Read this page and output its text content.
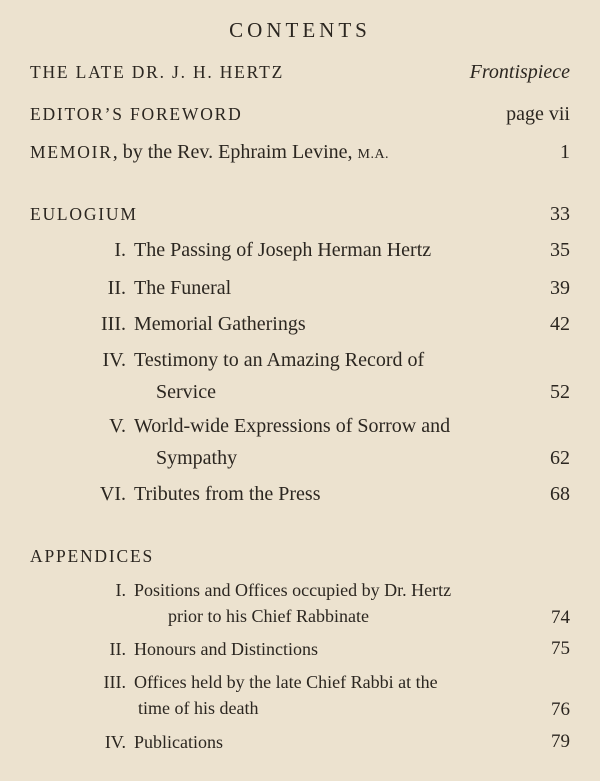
CONTENTS
THE LATE DR. J. H. HERTZ	Frontispiece
EDITOR’S FOREWORD	page vii
MEMOIR, by the Rev. Ephraim Levine, M.A.	1
EULOGIUM	33
I. The Passing of Joseph Herman Hertz	35
II. The Funeral	39
III. Memorial Gatherings	42
IV. Testimony to an Amazing Record of
Service	52
V. World-wide Expressions of Sorrow and
Sympathy	62
VI. Tributes from the Press	68
APPENDICES
I. Positions and Offices occupied by Dr. Hertz
prior to his Chief Rabbinate	74
II. Honours and Distinctions	75
III. Offices held by the late Chief Rabbi at the
time of his death	76
IV. Publications	79
